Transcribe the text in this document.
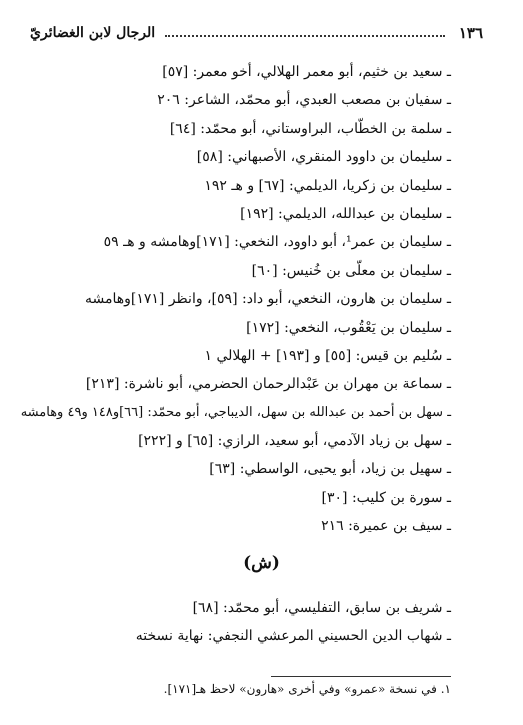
١٣٦
الرجال لابن الغضائريّ
ـ سعيد بن خثيم، أبو معمر الهلالي، أخو معمر: [٥٧]
ـ سفيان بن مصعب العبدي، أبو محمّد، الشاعر: ٢٠٦
ـ سلمة بن الخطّاب، البراوستاني، أبو محمّد: [٦٤]
ـ سليمان بن داوود المنقري، الأصبهاني: [٥٨]
ـ سليمان بن زكريا، الديلمي: [٦٧] و هـ ١٩٢
ـ سليمان بن عبدالله، الديلمي: [١٩٢]
ـ سليمان بن عمر¹، أبو داوود، النخعي: [١٧١]وهامشه و هـ ٥٩
ـ سليمان بن معلّى بن خُنيس: [٦٠]
ـ سليمان بن هارون، النخعي، أبو داد: [٥٩]، وانظر [١٧١]وهامشه
ـ سليمان بن يَعْقُوب، النخعي: [١٧٢]
ـ سُليم بن قيس: [٥٥] و [١٩٣] + الهلالي ١
ـ سماعة بن مهران بن عَبْدالرحمان الحضرمي، أبو ناشرة: [٢١٣]
ـ سهل بن أحمد بن عبدالله بن سهل، الديباجي، أبو محمّد: [٦٦]و١٤٨ و٤٩ وهامشه
ـ سهل بن زياد الآدمي، أبو سعيد، الرازي: [٦٥] و [٢٢٢]
ـ سهيل بن زياد، أبو يحيى، الواسطي: [٦٣]
ـ سورة بن كليب: [٣٠]
ـ سيف بن عميرة: ٢١٦
(ش)
ـ شريف بن سابق، التفليسي، أبو محمّد: [٦٨]
ـ شهاب الدين الحسيني المرعشي النجفي: نهاية نسخته
١. في نسخة «عمرو» وفي أخرى «هارون» لاحظ هـ[١٧١].
